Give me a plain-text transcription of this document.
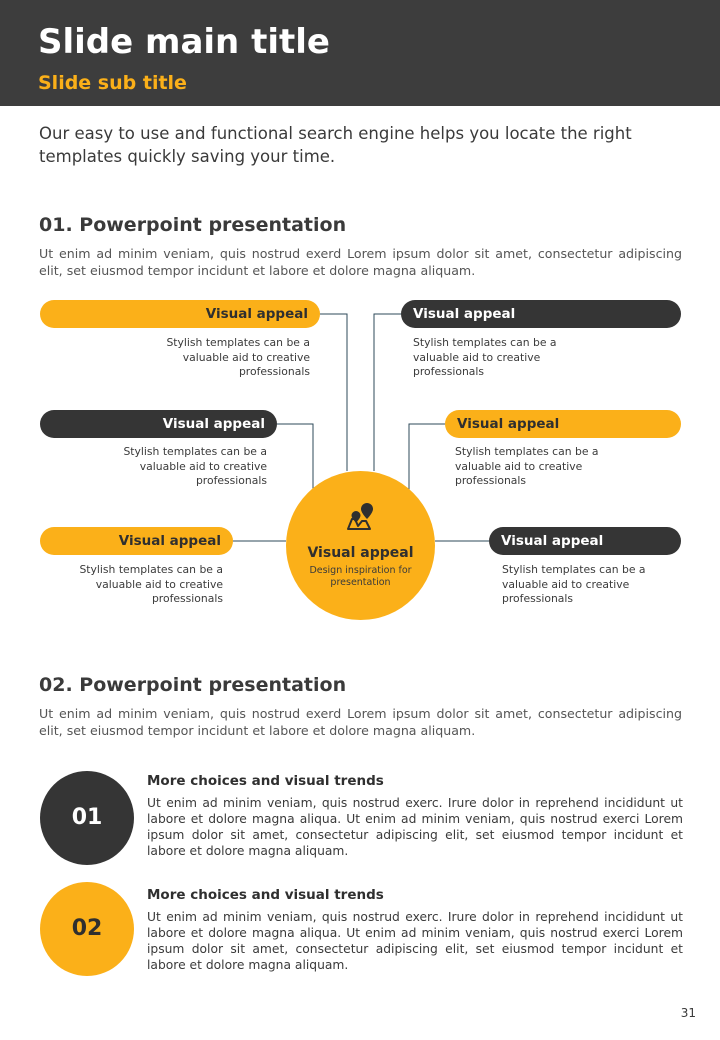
Slide main title
Slide sub title
Our easy to use and functional search engine helps you locate the right templates quickly saving your time.
01. Powerpoint presentation
Ut enim ad minim veniam, quis nostrud exerd Lorem ipsum dolor sit amet, consectetur adipiscing elit, set eiusmod tempor incidunt et labore et dolore magna aliquam.
Visual appeal
Stylish templates can be a valuable aid to creative professionals
Visual appeal
Stylish templates can be a valuable aid to creative professionals
Visual appeal
Stylish templates can be a valuable aid to creative professionals
Visual appeal
Stylish templates can be a valuable aid to creative professionals
Visual appeal
Stylish templates can be a valuable aid to creative professionals
Visual appeal
Stylish templates can be a valuable aid to creative professionals
Visual appeal
Design inspiration for presentation
02. Powerpoint presentation
Ut enim ad minim veniam, quis nostrud exerd Lorem ipsum dolor sit amet, consectetur adipiscing elit, set eiusmod tempor incidunt et labore et dolore magna aliquam.
01
More choices and visual trends
Ut enim ad minim veniam, quis nostrud exerc. Irure dolor in reprehend incididunt ut labore et dolore magna aliqua. Ut enim ad minim veniam, quis nostrud exerci Lorem ipsum dolor sit amet, consectetur adipiscing elit, set eiusmod tempor incidunt et labore et dolore magna aliquam.
02
More choices and visual trends
Ut enim ad minim veniam, quis nostrud exerc. Irure dolor in reprehend incididunt ut labore et dolore magna aliqua. Ut enim ad minim veniam, quis nostrud exerci Lorem ipsum dolor sit amet, consectetur adipiscing elit, set eiusmod tempor incidunt et labore et dolore magna aliquam.
31
